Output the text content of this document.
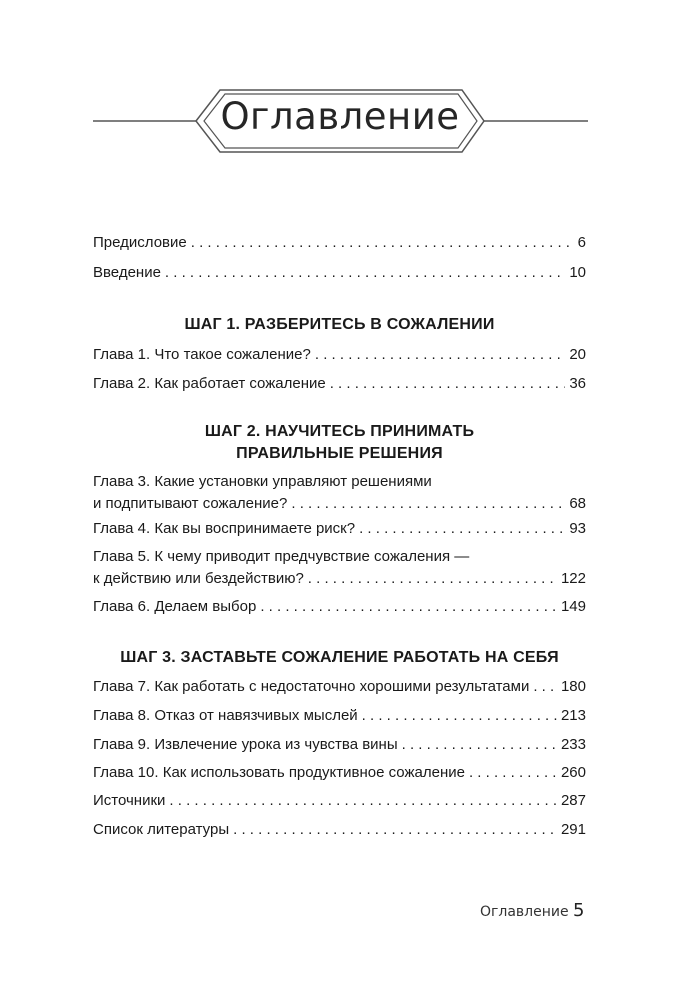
Оглавление
Предисловие . . .	6
Введение . . .	10
ШАГ 1. РАЗБЕРИТЕСЬ В СОЖАЛЕНИИ
Глава 1. Что такое сожаление? . . .	20
Глава 2. Как работает сожаление . . .	36
ШАГ 2. НАУЧИТЕСЬ ПРИНИМАТЬ
ПРАВИЛЬНЫЕ РЕШЕНИЯ
Глава 3. Какие установки управляют решениями
и подпитывают сожаление? . . .	68
Глава 4. Как вы воспринимаете риск? . . .	93
Глава 5. К чему приводит предчувствие сожаления —
к действию или бездействию? . . .	122
Глава 6. Делаем выбор . . .	149
ШАГ 3. ЗАСТАВЬТЕ СОЖАЛЕНИЕ РАБОТАТЬ НА СЕБЯ
Глава 7. Как работать с недостаточно хорошими результатами . . . 180
Глава 8. Отказ от навязчивых мыслей . . .	213
Глава 9. Извлечение урока из чувства вины . . .	233
Глава 10. Как использовать продуктивное сожаление . . .	260
Источники . . .	287
Список литературы . . .	291
Оглавление 5
